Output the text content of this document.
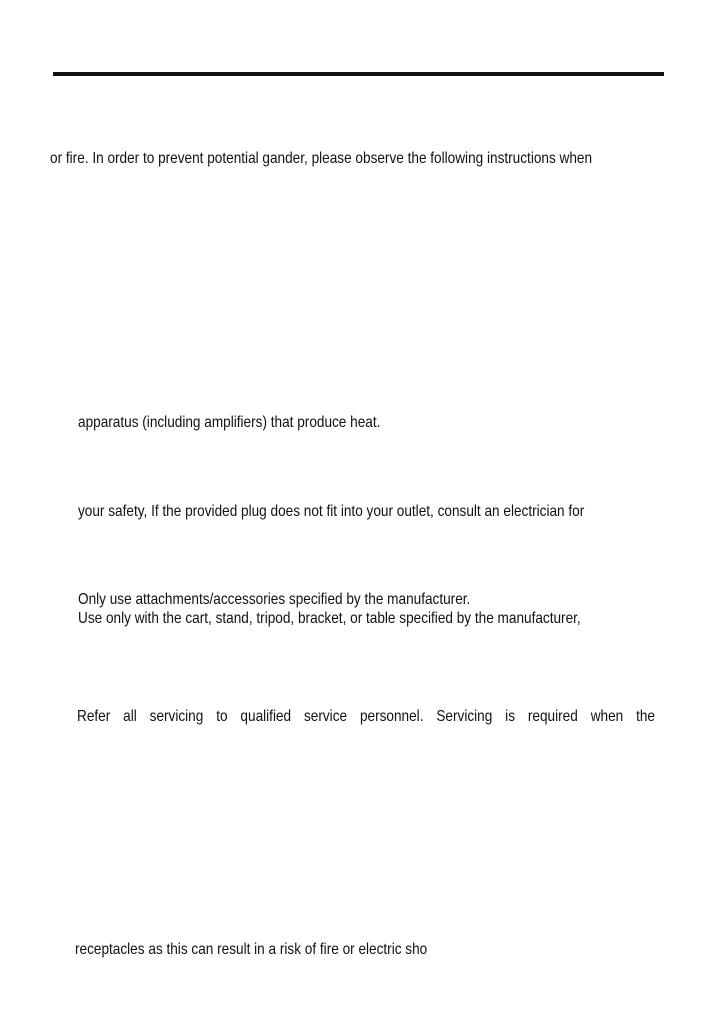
or fire. In order to prevent potential gander, please observe the following instructions when
apparatus (including amplifiers) that produce heat.
your safety, If the provided plug does not fit into your outlet, consult an electrician for
Only use attachments/accessories specified by the manufacturer.
Use only with the cart, stand, tripod, bracket, or table specified by the manufacturer,
Refer all servicing to qualified service personnel. Servicing is required when the
receptacles as this can result in a risk of fire or electric sho
